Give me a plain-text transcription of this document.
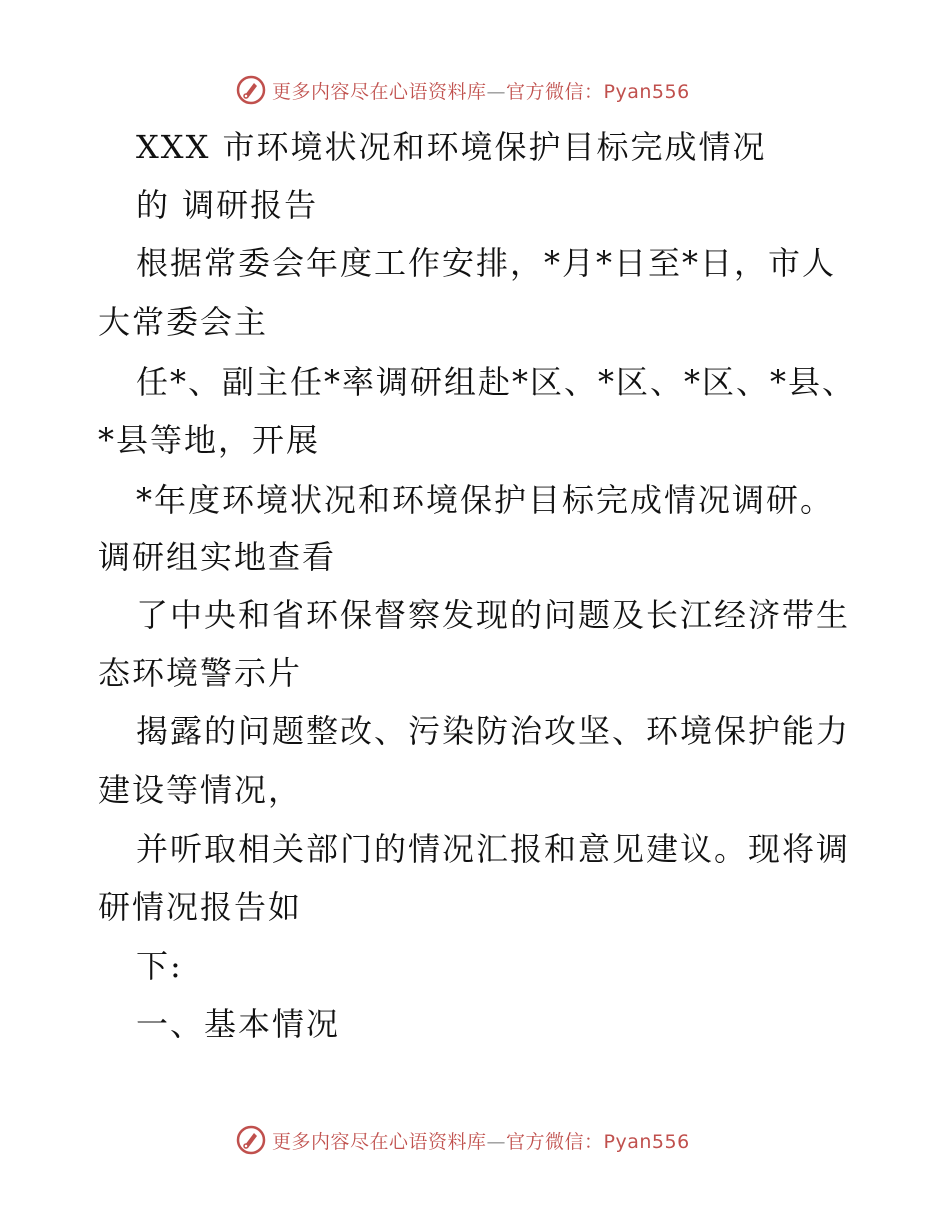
更多内容尽在心语资料库—官方微信：Pyan556
XXX 市环境状况和环境保护目标完成情况
的 调研报告
根据常委会年度工作安排，*月*日至*日，市人
大常委会主
任*、副主任*率调研组赴*区、*区、*区、*县、
*县等地，开展
*年度环境状况和环境保护目标完成情况调研。
调研组实地查看
了中央和省环保督察发现的问题及长江经济带生
态环境警示片
揭露的问题整改、污染防治攻坚、环境保护能力
建设等情况，
并听取相关部门的情况汇报和意见建议。现将调
研情况报告如
下:
一、基本情况
更多内容尽在心语资料库—官方微信：Pyan556
